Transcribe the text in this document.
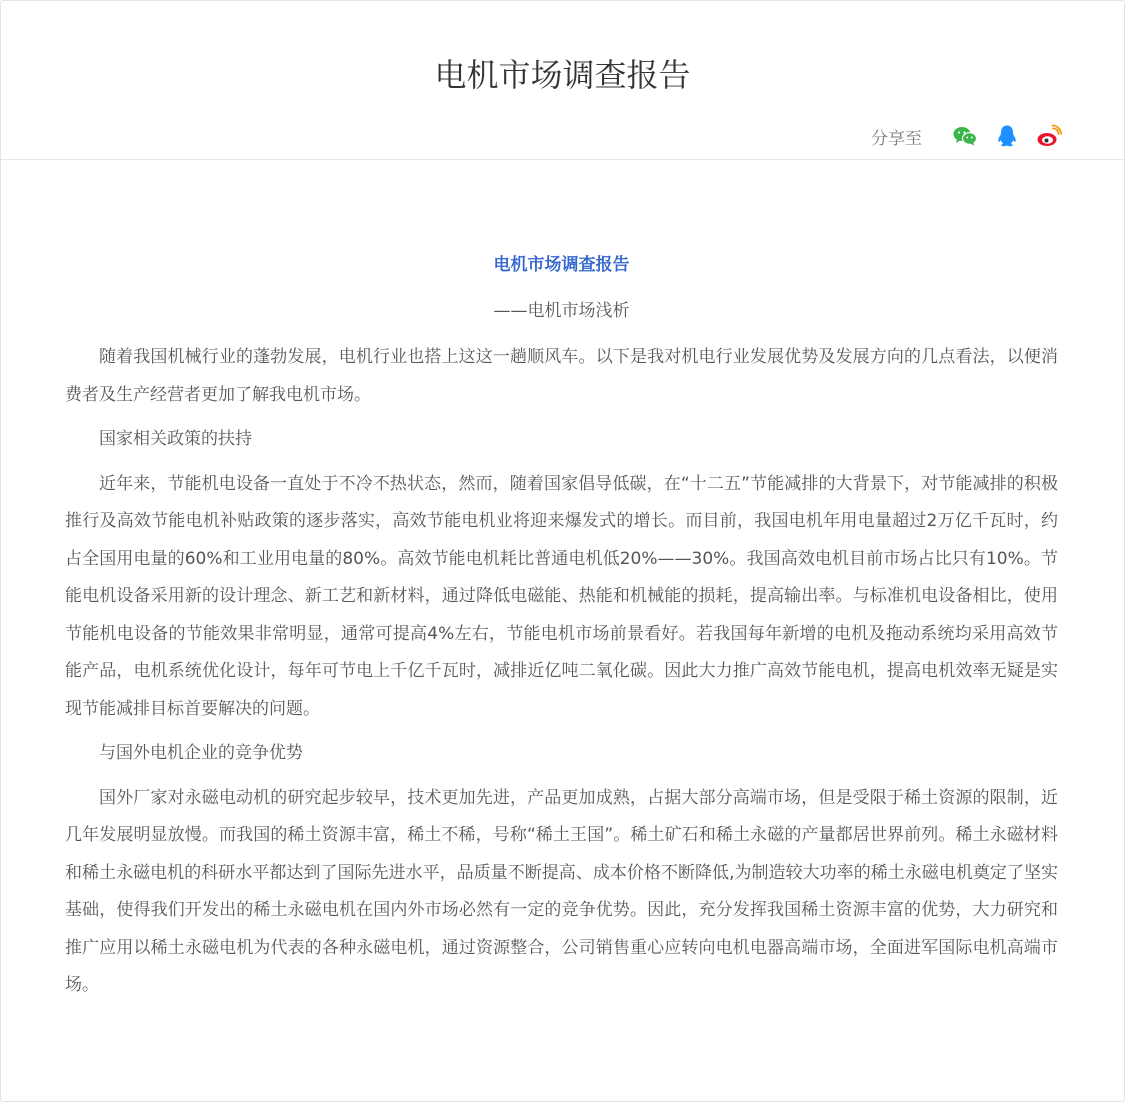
电机市场调查报告
分享至

电机市场调查报告

——电机市场浅析

随着我国机械行业的蓬勃发展，电机行业也搭上这这一趟顺风车。以下是我对机电行业发展优势及发展方向的几点看法，以便消费者及生产经营者更加了解我电机市场。

国家相关政策的扶持

近年来，节能机电设备一直处于不冷不热状态，然而，随着国家倡导低碳，在“十二五”节能减排的大背景下，对节能减排的积极推行及高效节能电机补贴政策的逐步落实，高效节能电机业将迎来爆发式的增长。而目前，我国电机年用电量超过2万亿千瓦时，约占全国用电量的60%和工业用电量的80%。高效节能电机耗比普通电机低20%——30%。我国高效电机目前市场占比只有10%。节能电机设备采用新的设计理念、新工艺和新材料，通过降低电磁能、热能和机械能的损耗，提高输出率。与标准机电设备相比，使用节能机电设备的节能效果非常明显，通常可提高4%左右，节能电机市场前景看好。若我国每年新增的电机及拖动系统均采用高效节能产品，电机系统优化设计，每年可节电上千亿千瓦时，减排近亿吨二氧化碳。因此大力推广高效节能电机，提高电机效率无疑是实现节能减排目标首要解决的问题。

与国外电机企业的竞争优势

国外厂家对永磁电动机的研究起步较早，技术更加先进，产品更加成熟，占据大部分高端市场，但是受限于稀土资源的限制，近几年发展明显放慢。而我国的稀土资源丰富，稀土不稀，号称“稀土王国”。稀土矿石和稀土永磁的产量都居世界前列。稀土永磁材料和稀土永磁电机的科研水平都达到了国际先进水平，品质量不断提高、成本价格不断降低,为制造较大功率的稀土永磁电机奠定了坚实基础，使得我们开发出的稀土永磁电机在国内外市场必然有一定的竞争优势。因此，充分发挥我国稀土资源丰富的优势，大力研究和推广应用以稀土永磁电机为代表的各种永磁电机，通过资源整合，公司销售重心应转向电机电器高端市场，全面进军国际电机高端市场。
